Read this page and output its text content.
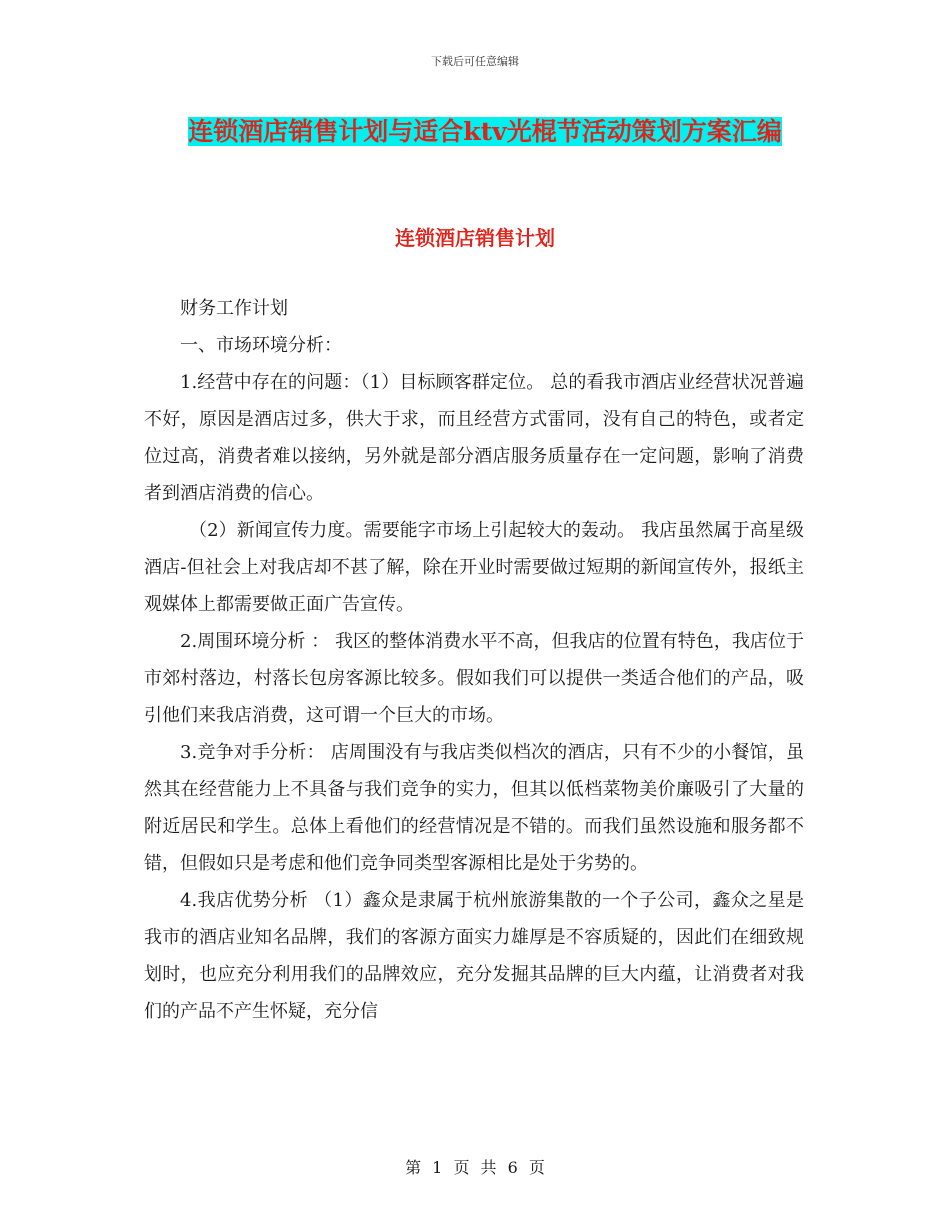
下载后可任意编辑
连锁酒店销售计划与适合ktv光棍节活动策划方案汇编
连锁酒店销售计划

财务工作计划

一、市场环境分析：

1.经营中存在的问题：（1）目标顾客群定位。 总的看我市酒店业经营状况普遍不好，原因是酒店过多，供大于求，而且经营方式雷同，没有自己的特色，或者定位过高，消费者难以接纳，另外就是部分酒店服务质量存在一定问题，影响了消费者到酒店消费的信心。

（2）新闻宣传力度。需要能字市场上引起较大的轰动。 我店虽然属于高星级酒店-但社会上对我店却不甚了解，除在开业时需要做过短期的新闻宣传外，报纸主观媒体上都需要做正面广告宣传。

2.周围环境分析 ： 我区的整体消费水平不高，但我店的位置有特色，我店位于市郊村落边，村落长包房客源比较多。假如我们可以提供一类适合他们的产品，吸引他们来我店消费，这可谓一个巨大的市场。

3.竞争对手分析： 店周围没有与我店类似档次的酒店，只有不少的小餐馆，虽然其在经营能力上不具备与我们竞争的实力，但其以低档菜物美价廉吸引了大量的附近居民和学生。总体上看他们的经营情况是不错的。而我们虽然设施和服务都不错，但假如只是考虑和他们竞争同类型客源相比是处于劣势的。

4.我店优势分析 （1）鑫众是隶属于杭州旅游集散的一个子公司，鑫众之星是我市的酒店业知名品牌，我们的客源方面实力雄厚是不容质疑的，因此们在细致规划时，也应充分利用我们的品牌效应，充分发掘其品牌的巨大内蕴，让消费者对我们的产品不产生怀疑，充分信

第 1 页 共 6 页
